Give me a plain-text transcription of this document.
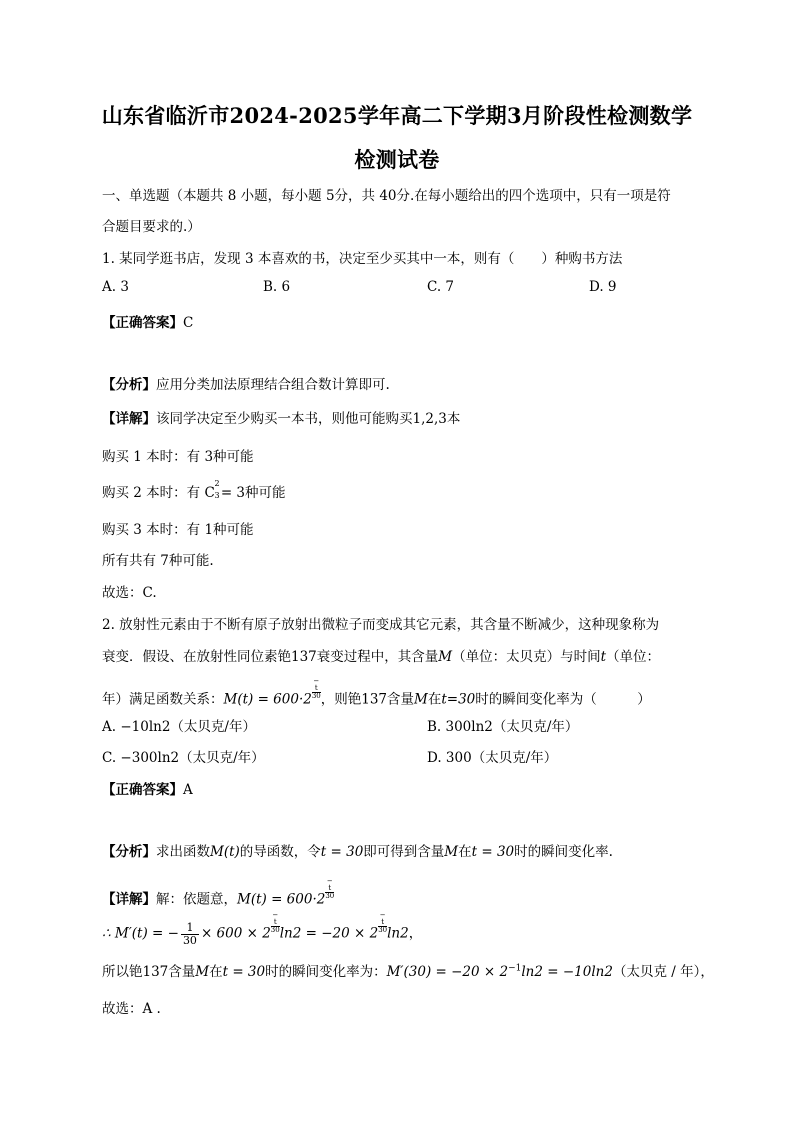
山东省临沂市2024-2025学年高二下学期3月阶段性检测数学
检测试卷
一、单选题（本题共 8 小题，每小题 5分，共 40分.在每小题给出的四个选项中，只有一项是符
合题目要求的.）
1. 某同学逛书店，发现 3 本喜欢的书，决定至少买其中一本，则有（　　）种购书方法
A. 3	B. 6	C. 7	D. 9
【正确答案】C
【分析】应用分类加法原理结合组合数计算即可.
【详解】该同学决定至少购买一本书，则他可能购买1,2,3本
购买 1 本时：有 3种可能
购买 2 本时：有 C
2
3 = 3种可能
购买 3 本时：有 1种可能
所有共有 7种可能.
故选：C.
2. 放射性元素由于不断有原子放射出微粒子而变成其它元素，其含量不断减少，这种现象称为
衰变．假设、在放射性同位素铯137衰变过程中，其含量M（单位：太贝克）与时间t（单位：
年）满足函数关系：M(t) = 600·2−
t
30 ，则铯137含量M在t=30时的瞬间变化率为（　　　）
A. −10ln2（太贝克/年）	B. 300ln2（太贝克/年）
C. −300ln2（太贝克/年）	D. 300（太贝克/年）
【正确答案】A
【分析】求出函数M(t)的导函数，令t = 30即可得到含量M在t = 30时的瞬间变化率.
【详解】解：依题意，M(t) = 600·2−
t
30
∴ M′(t) = − $\frac{1}{30} \times 600 \times 2-$
t
30 ln2 = −20 × 2−
t
30 ln2，
所以铯137含量M在t = 30时的瞬间变化率为：$M'(30) = -20 \times 2^{-1}\ln 2 = -10\ln 2$（太贝克 / 年），
故选：A .
